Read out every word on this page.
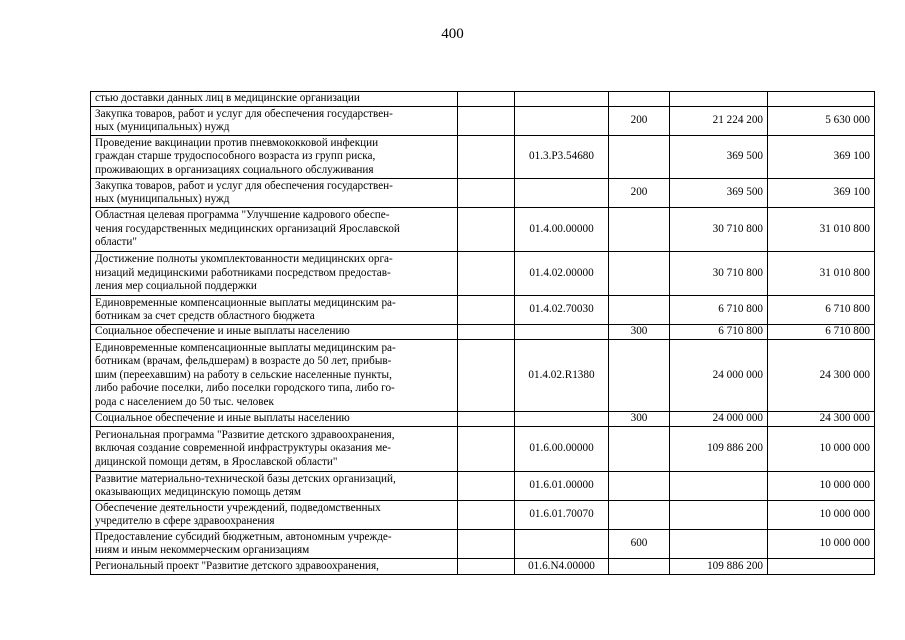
400
стью доставки данных лиц в медицинские организации					
Закупка товаров, работ и услуг для обеспечения государствен-
ных (муниципальных) нужд			200	21 224 200	5 630 000
Проведение вакцинации против пневмококковой инфекции
граждан старше трудоспособного возраста из групп риска,
проживающих в организациях социального обслуживания		01.3.P3.54680		369 500	369 100
Закупка товаров, работ и услуг для обеспечения государствен-
ных (муниципальных) нужд			200	369 500	369 100
Областная целевая программа "Улучшение кадрового обеспе-
чения государственных медицинских организаций Ярославской
области"		01.4.00.00000		30 710 800	31 010 800
Достижение полноты укомплектованности медицинских орга-
низаций медицинскими работниками посредством предостав-
ления мер социальной поддержки		01.4.02.00000		30 710 800	31 010 800
Единовременные компенсационные выплаты медицинским ра-
ботникам за счет средств областного бюджета		01.4.02.70030		6 710 800	6 710 800
Социальное обеспечение и иные выплаты населению			300	6 710 800	6 710 800
Единовременные компенсационные выплаты медицинским ра-
ботникам (врачам, фельдшерам) в возрасте до 50 лет, прибыв-
шим (переехавшим) на работу в сельские населенные пункты,
либо рабочие поселки, либо поселки городского типа, либо го-
рода с населением до 50 тыс. человек		01.4.02.R1380		24 000 000	24 300 000
Социальное обеспечение и иные выплаты населению			300	24 000 000	24 300 000
Региональная программа "Развитие детского здравоохранения,
включая создание современной инфраструктуры оказания ме-
дицинской помощи детям, в Ярославской области"		01.6.00.00000		109 886 200	10 000 000
Развитие материально-технической базы детских организаций,
оказывающих медицинскую помощь детям		01.6.01.00000			10 000 000
Обеспечение деятельности учреждений, подведомственных
учредителю в сфере здравоохранения		01.6.01.70070			10 000 000
Предоставление субсидий бюджетным, автономным учрежде-
ниям и иным некоммерческим организациям			600		10 000 000
Региональный проект "Развитие детского здравоохранения,		01.6.N4.00000		109 886 200	
